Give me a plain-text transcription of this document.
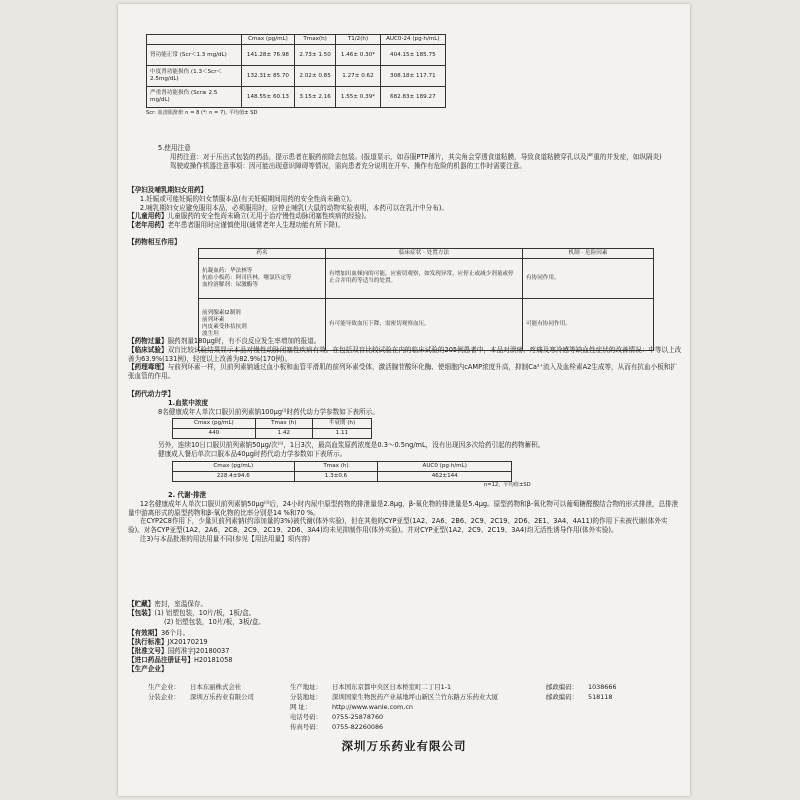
	Cmax (pg/mL)	Tmax(h)	T1/2(h)	AUC0-24 (pg·h/mL)
肾功能正常 (Scr＜1.3 mg/dL)	141.28± 76.98	2.73± 1.50	1.46± 0.30*	404.15± 185.75
中度肾功能损伤 (1.3＜Scr＜2.5mg/dL)	132.31± 85.70	2.02± 0.85	1.27± 0.62	308.18± 117.71
严重肾功能损伤 (Scr≥ 2.5 mg/dL)	148.55± 60.13	3.15± 2.16	1.55± 0.39*	682.83± 189.27
Scr: 血清肌酐酐 n = 8 (*: n = 7), 平均值± SD

5.使用注意

用药注意：对于压出式包装的药品，提示患者在服药前除去包装。(报道显示，如吞服PTP薄片，其尖角会穿透食道粘膜，导致食道粘膜穿孔以及严重的并发症，如纵隔炎)

驾驶或操作机器注意事项：因可能出现意识障碍等情况，需向患者充分说明在开车、操作有危险的机器的工作时需要注意。

【孕妇及哺乳期妇女用药】

1.妊娠或可能妊娠的妇女禁服本品(有关妊娠期间用药的安全性尚未确立)。

2.哺乳期妇女应避免服用本品，必须服用时，应停止哺乳(大鼠的动物实验表明，本药可以在乳汁中分布)。

【儿童用药】儿童服药的安全性尚未确立(无用于治疗慢性动脉闭塞性疾病的经验)。

【老年用药】老年患者服用时应谨慎使用(通常老年人生理功能有所下降)。

【药物相互作用】

药名	临床症状 · 处置方法	机制 · 危险因素
抗凝血药：华法林等
抗血小板药：阿司匹林，噻氯匹定等
血栓溶解剂：尿激酶等	有增加出血倾向的可能，应密切观察，如发现异常，应停止或减少剂量或停止合并用药等适当的处置。	有协同作用。
前列腺素I2制剂
前列环素
内皮素受体拮抗剂
波生坦	有可能导致血压下降，需密切观察血压。	可能有协同作用。

【药物过量】服药剂量180μg时，有不良反应发生率增加的报道。

【临床试验】双盲比较试验结果显示本品对慢性动脉闭塞性疾病有效。在包括双盲比较试验在内的临床试验的205例患者中，本品对溃疡、疼痛及寒冷感等缺血性症状的改善情况：中等以上改善为63.9%(131例)，轻度以上改善为82.9%(170例)。

【药理毒理】与前列环素一样，贝前列素钠通过血小板和血管平滑肌的前列环素受体，激活腺苷酸环化酶、使细胞内cAMP浓度升高，抑制Ca²⁺流入及血栓素A2生成等，从而有抗血小板和扩张血管的作用。

【药代动力学】

1.血浆中浓度

8名健康成年人单次口服贝前列素钠100μg⁽ⁱ⁾时药代动力学参数如下表所示。

Cmax (pg/mL)	Tmax (h)	半衰期 (h)
440	1.42	1.11

另外，连续10日口服贝前列素钠50μg/次⁽ⁱⁱ⁾，1日3次，最高血浆原药浓度是0.3～0.5ng/mL，没有出现因多次给药引起的药物蓄积。

健康成人餐后单次口服本品40μg时药代动力学参数如下表所示。

Cmax (pg/mL)	Tmax (h)	AUC0 (pg·h/mL)
228.4±94.6	1.3±0.6	462±144
n=12，平均值±SD

2. 代谢·排泄

12名健康成年人单次口服贝前列素钠50μg⁽ⁱⁱ⁾后，24小时内尿中原型药物的排泄量是2.8μg，β-氧化物的排泄量是5.4μg。原型药物和β-氧化物可以葡萄糖醛酸结合物的形式排泄，总排泄量中游离形式的原型药物和β-氧化物的比率分别是14 %和70 %。

在CYP2C8作用下，少量贝前列素钠(约添加量的3%)被代谢(体外实验)，但在其他的CYP亚型(1A2、2A6、2B6、2C9、2C19、2D6、2E1、3A4、4A11)的作用下未被代谢(体外实验)。对各CYP亚型(1A2、2A6、2C8、2C9、2C19、2D6、3A4)均未见抑制作用(体外实验)。并对CYP亚型(1A2、2C9、2C19、3A4)均无活性诱导作用(体外实验)。

注3)与本品批准的用法用量不同(参见【用法用量】项内容)

【贮藏】密封，室温保存。

【包装】(1) 铝塑包装，10片/板，1板/盒。

(2) 铝塑包装，10片/板，3板/盒。

【有效期】36个月。

【执行标准】JX20170219

【批准文号】国药准字J20180037

【进口药品注册证号】H20181058

【生产企业】

生产企业：	日本东丽株式会社	生产地址：	日本国东京都中央区日本桥室町二丁目1-1	邮政编码：	1038666
分装企业：	深圳万乐药业有限公司	分装地址：	深圳国家生物医药产业基地坪山新区兰竹东路万乐药业大厦	邮政编码：	518118
网 址：	http://www.wanle.com.cn
电话号码：	0755-25878760
传真号码：	0755-82260086
深圳万乐药业有限公司
